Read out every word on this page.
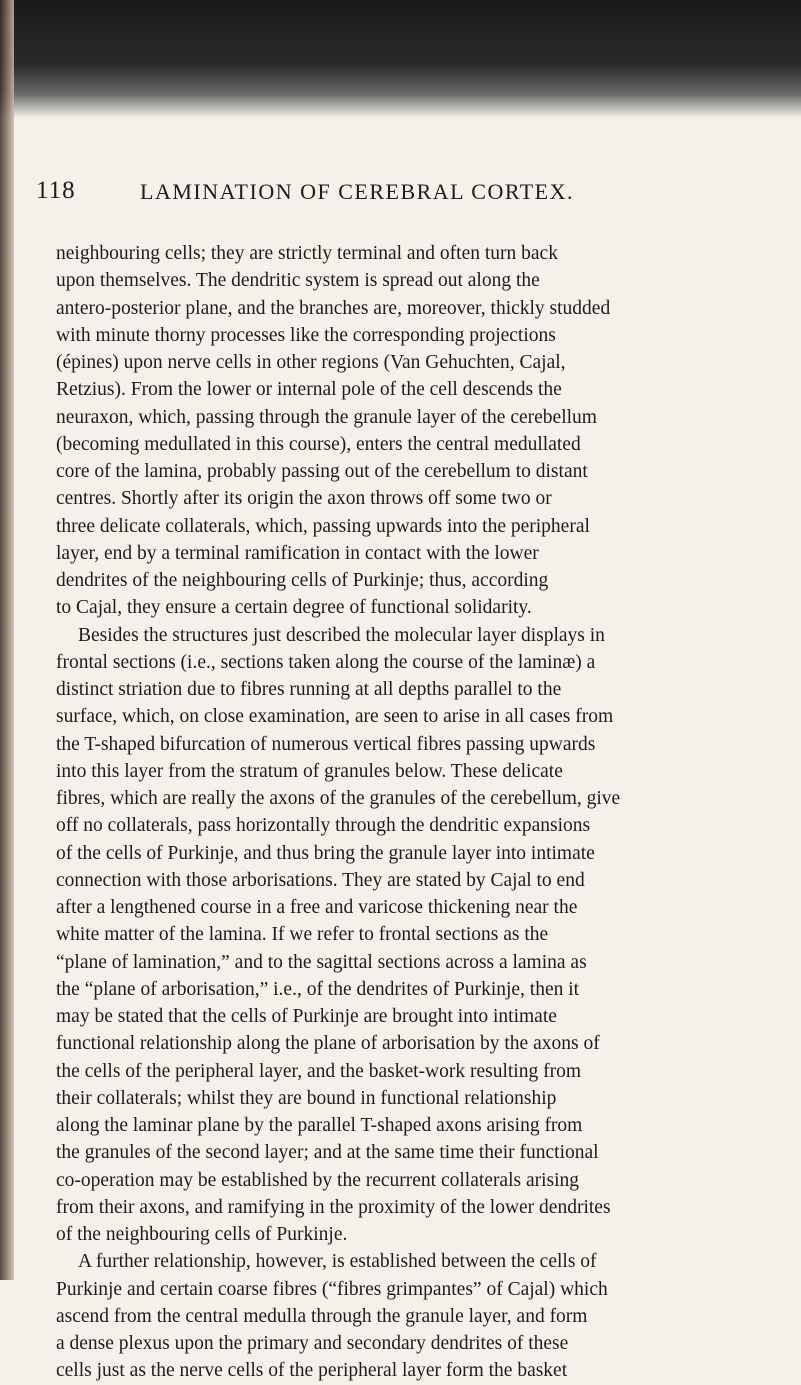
118	LAMINATION OF CEREBRAL CORTEX.
neighbouring cells; they are strictly terminal and often turn back
upon themselves. The dendritic system is spread out along the
antero-posterior plane, and the branches are, moreover, thickly studded
with minute thorny processes like the corresponding projections
(épines) upon nerve cells in other regions (Van Gehuchten, Cajal,
Retzius). From the lower or internal pole of the cell descends the
neuraxon, which, passing through the granule layer of the cerebellum
(becoming medullated in this course), enters the central medullated
core of the lamina, probably passing out of the cerebellum to distant
centres. Shortly after its origin the axon throws off some two or
three delicate collaterals, which, passing upwards into the peripheral
layer, end by a terminal ramification in contact with the lower
dendrites of the neighbouring cells of Purkinje; thus, according
to Cajal, they ensure a certain degree of functional solidarity.
Besides the structures just described the molecular layer displays in
frontal sections (i.e., sections taken along the course of the laminæ) a
distinct striation due to fibres running at all depths parallel to the
surface, which, on close examination, are seen to arise in all cases from
the T-shaped bifurcation of numerous vertical fibres passing upwards
into this layer from the stratum of granules below. These delicate
fibres, which are really the axons of the granules of the cerebellum, give
off no collaterals, pass horizontally through the dendritic expansions
of the cells of Purkinje, and thus bring the granule layer into intimate
connection with those arborisations. They are stated by Cajal to end
after a lengthened course in a free and varicose thickening near the
white matter of the lamina. If we refer to frontal sections as the
“plane of lamination,” and to the sagittal sections across a lamina as
the “plane of arborisation,” i.e., of the dendrites of Purkinje, then it
may be stated that the cells of Purkinje are brought into intimate
functional relationship along the plane of arborisation by the axons of
the cells of the peripheral layer, and the basket-work resulting from
their collaterals; whilst they are bound in functional relationship
along the laminar plane by the parallel T-shaped axons arising from
the granules of the second layer; and at the same time their functional
co-operation may be established by the recurrent collaterals arising
from their axons, and ramifying in the proximity of the lower dendrites
of the neighbouring cells of Purkinje.
A further relationship, however, is established between the cells of
Purkinje and certain coarse fibres (“fibres grimpantes” of Cajal) which
ascend from the central medulla through the granule layer, and form
a dense plexus upon the primary and secondary dendrites of these
cells just as the nerve cells of the peripheral layer form the basket
